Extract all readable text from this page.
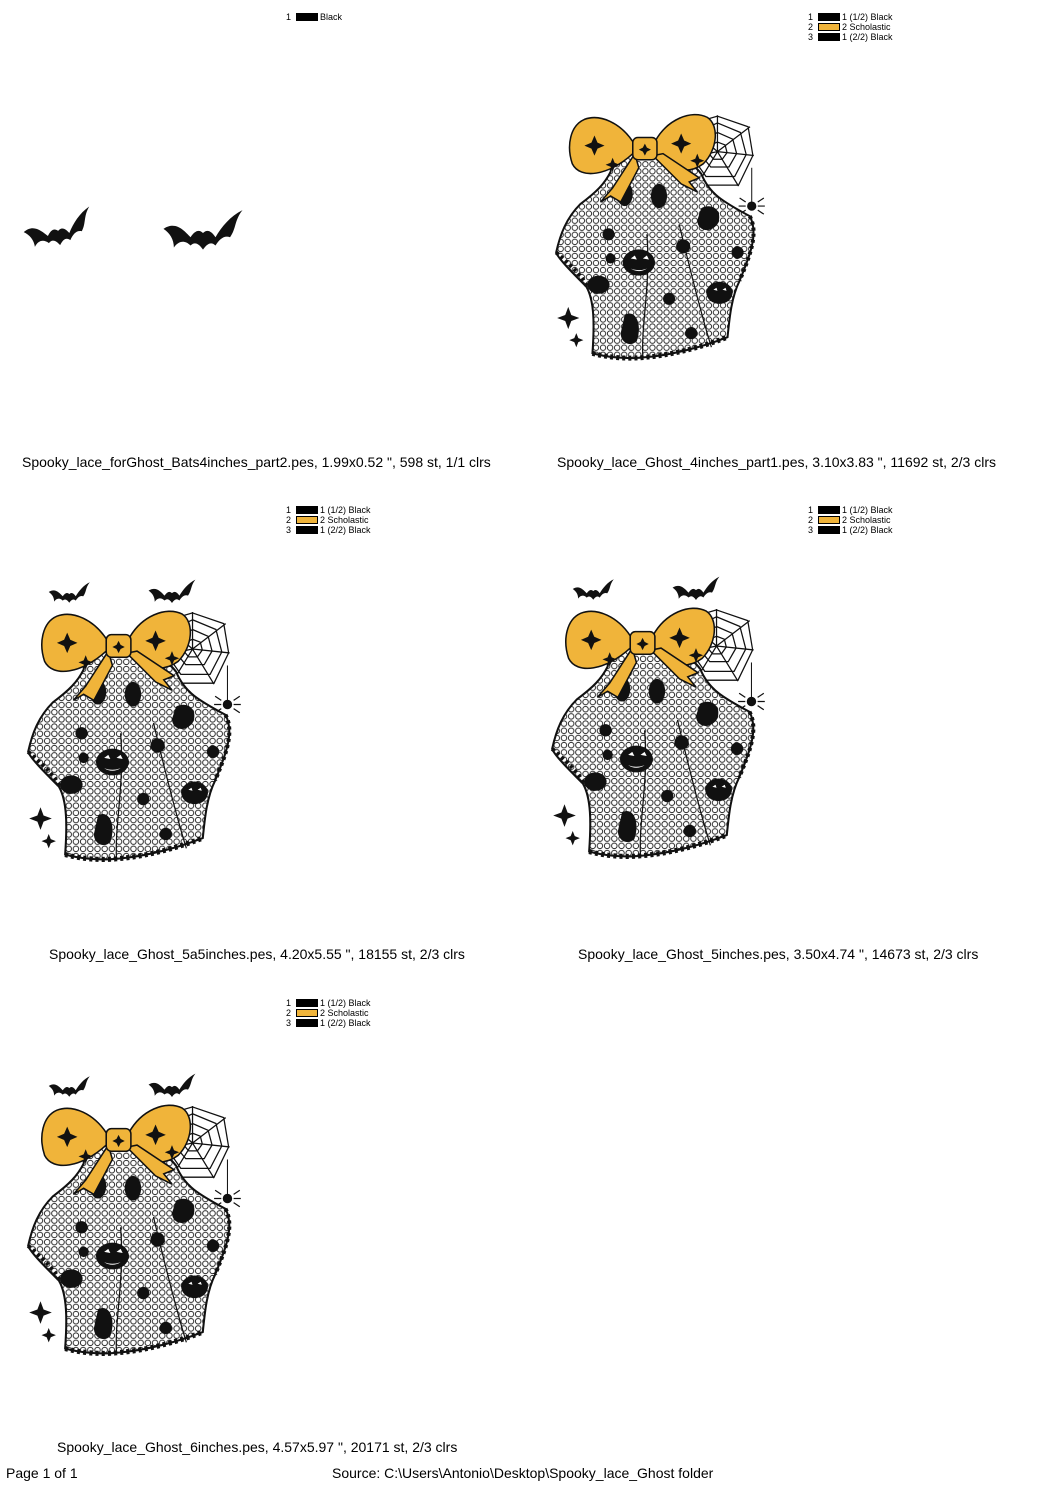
1	Black
Spooky_lace_forGhost_Bats4inches_part2.pes, 1.99x0.52 ", 598 st, 1/1 clrs
1	1 (1/2) Black
2	2 Scholastic
3	1 (2/2) Black
Spooky_lace_Ghost_4inches_part1.pes, 3.10x3.83 ", 11692 st, 2/3 clrs
1	1 (1/2) Black
2	2 Scholastic
3	1 (2/2) Black
Spooky_lace_Ghost_5a5inches.pes, 4.20x5.55 ", 18155 st, 2/3 clrs
1	1 (1/2) Black
2	2 Scholastic
3	1 (2/2) Black
Spooky_lace_Ghost_5inches.pes, 3.50x4.74 ", 14673 st, 2/3 clrs
1	1 (1/2) Black
2	2 Scholastic
3	1 (2/2) Black
Spooky_lace_Ghost_6inches.pes, 4.57x5.97 ", 20171 st, 2/3 clrs
Page 1 of 1	Source: C:\Users\Antonio\Desktop\Spooky_lace_Ghost folder
